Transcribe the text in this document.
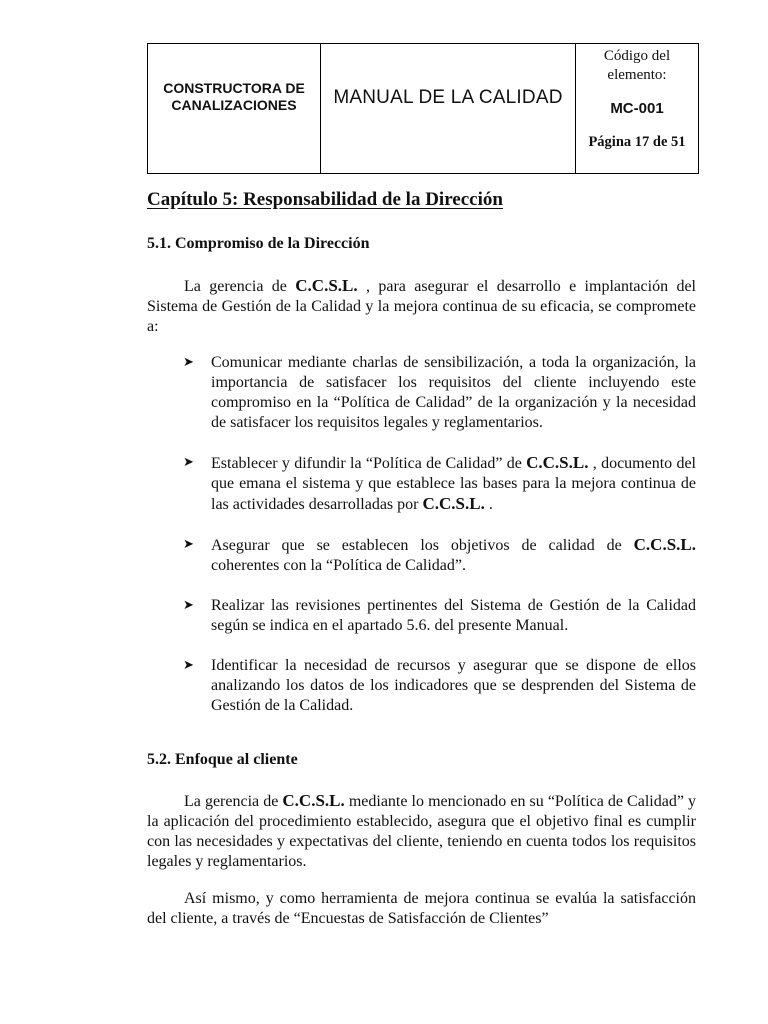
CONSTRUCTORA DE CANALIZACIONES	MANUAL DE LA CALIDAD
Código del elemento:
MC-001
Página 17 de 51
Capítulo 5: Responsabilidad de la Dirección
5.1. Compromiso de la Dirección

La gerencia de C.C.S.L. , para asegurar el desarrollo e implantación del Sistema de Gestión de la Calidad y la mejora continua de su eficacia, se compromete a:

➤	Comunicar mediante charlas de sensibilización, a toda la organización, la importancia de satisfacer los requisitos del cliente incluyendo este compromiso en la “Política de Calidad” de la organización y la necesidad de satisfacer los requisitos legales y reglamentarios.
➤	Establecer y difundir la “Política de Calidad” de C.C.S.L. , documento del que emana el sistema y que establece las bases para la mejora continua de las actividades desarrolladas por C.C.S.L. .
➤	Asegurar que se establecen los objetivos de calidad de C.C.S.L. coherentes con la “Política de Calidad”.
➤	Realizar las revisiones pertinentes del Sistema de Gestión de la Calidad según se indica en el apartado 5.6. del presente Manual.
➤	Identificar la necesidad de recursos y asegurar que se dispone de ellos analizando los datos de los indicadores que se desprenden del Sistema de Gestión de la Calidad.
5.2. Enfoque al cliente

La gerencia de C.C.S.L. mediante lo mencionado en su “Política de Calidad” y la aplicación del procedimiento establecido, asegura que el objetivo final es cumplir con las necesidades y expectativas del cliente, teniendo en cuenta todos los requisitos legales y reglamentarios.

Así mismo, y como herramienta de mejora continua se evalúa la satisfacción del cliente, a través de “Encuestas de Satisfacción de Clientes”
